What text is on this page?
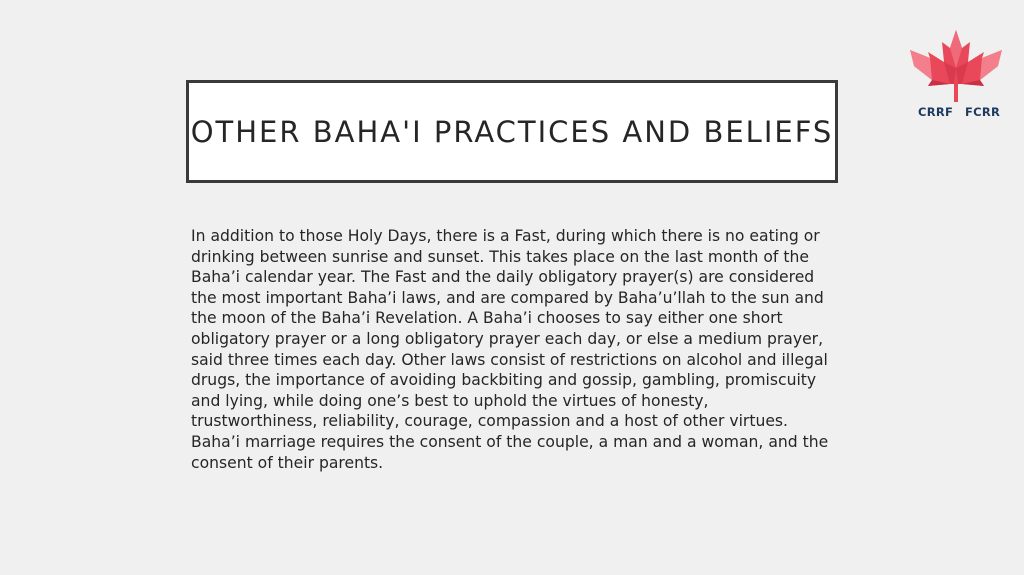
OTHER BAHA'I PRACTICES AND BELIEFS

In addition to those Holy Days, there is a Fast, during which there is no eating or drinking between sunrise and sunset. This takes place on the last month of the Baha’i calendar year. The Fast and the daily obligatory prayer(s) are considered the most important Baha’i laws, and are compared by Baha’u’llah to the sun and the moon of the Baha’i Revelation. A Baha’i chooses to say either one short obligatory prayer or a long obligatory prayer each day, or else a medium prayer, said three times each day. Other laws consist of restrictions on alcohol and illegal drugs, the importance of avoiding backbiting and gossip, gambling, promiscuity and lying, while doing one’s best to uphold the virtues of honesty, trustworthiness, reliability, courage, compassion and a host of other virtues. Baha’i marriage requires the consent of the couple, a man and a woman, and the consent of their parents.

CRRF FCRR
